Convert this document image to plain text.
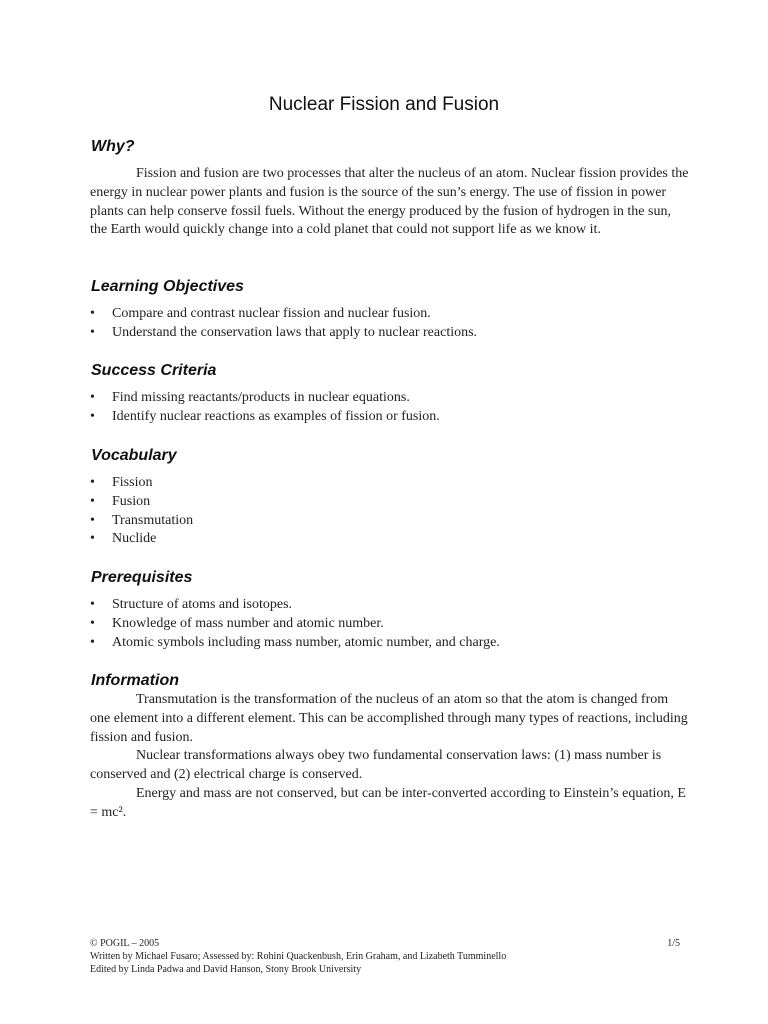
Nuclear Fission and Fusion
Why?

Fission and fusion are two processes that alter the nucleus of an atom. Nuclear fission provides the energy in nuclear power plants and fusion is the source of the sun’s energy. The use of fission in power plants can help conserve fossil fuels. Without the energy produced by the fusion of hydrogen in the sun, the Earth would quickly change into a cold planet that could not support life as we know it.

Learning Objectives
• Compare and contrast nuclear fission and nuclear fusion.
• Understand the conservation laws that apply to nuclear reactions.
Success Criteria
• Find missing reactants/products in nuclear equations.
• Identify nuclear reactions as examples of fission or fusion.
Vocabulary
• Fission
• Fusion
• Transmutation
• Nuclide
Prerequisites
• Structure of atoms and isotopes.
• Knowledge of mass number and atomic number.
• Atomic symbols including mass number, atomic number, and charge.
Information

Transmutation is the transformation of the nucleus of an atom so that the atom is changed from one element into a different element. This can be accomplished through many types of reactions, including fission and fusion.

Nuclear transformations always obey two fundamental conservation laws: (1) mass number is conserved and (2) electrical charge is conserved.

Energy and mass are not conserved, but can be inter-converted according to Einstein’s equation, E = mc².

© POGIL – 2005	1/5
Written by Michael Fusaro; Assessed by: Rohini Quackenbush, Erin Graham, and Lizabeth Tumminello
Edited by Linda Padwa and David Hanson, Stony Brook University
